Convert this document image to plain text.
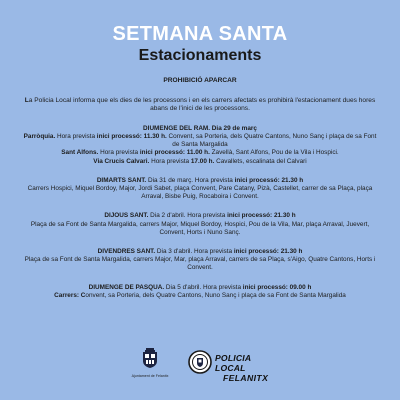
SETMANA SANTA
Estacionaments
PROHIBICIÓ APARCAR

La Policia Local informa que els dies de les processons i en els carrers afectats es prohibirà l'estacionament dues hores abans de l'inici de les processons.

DIUMENGE DEL RAM. Dia 29 de març

Parròquia. Hora prevista inici processó: 11.30 h. Convent, sa Porteria, dels Quatre Cantons, Nuno Sanç i plaça de sa Font de Santa Margalida

Sant Alfons. Hora prevista inici processó: 11.00 h. Zavellà, Sant Alfons, Pou de la Vila i Hospici.

Via Crucis Calvari. Hora prevista 17.00 h. Cavallets, escalinata del Calvari

DIMARTS SANT. Dia 31 de març. Hora prevista inici processó: 21.30 h

Carrers Hospici, Miquel Bordoy, Major, Jordi Sabet, plaça Convent, Pare Catany, Pizà, Castellet, carrer de sa Plaça, plaça Arraval, Bisbe Puig, Rocaboira i Convent.

DIJOUS SANT. Dia 2 d'abril. Hora prevista inici processó: 21.30 h

Plaça de sa Font de Santa Margalida, carrers Major, Miquel Bordoy, Hospici, Pou de la Vila, Mar, plaça Arraval, Juevert, Convent, Horts i Nuno Sanç.

DIVENDRES SANT. Dia 3 d'abril. Hora prevista inici processó: 21.30 h

Plaça de sa Font de Santa Margalida, carrers Major, Mar, plaça Arraval, carrers de sa Plaça, s'Aigo, Quatre Cantons, Horts i Convent.

DIUMENGE DE PASQUA. Dia 5 d'abril. Hora prevista inici processó: 09.00 h

Carrers: Convent, sa Porteria, dels Quatre Cantons, Nuno Sanç i plaça de sa Font de Santa Margalida

Ajuntament de Felanitx
POLICIA LOCAL
FELANITX
